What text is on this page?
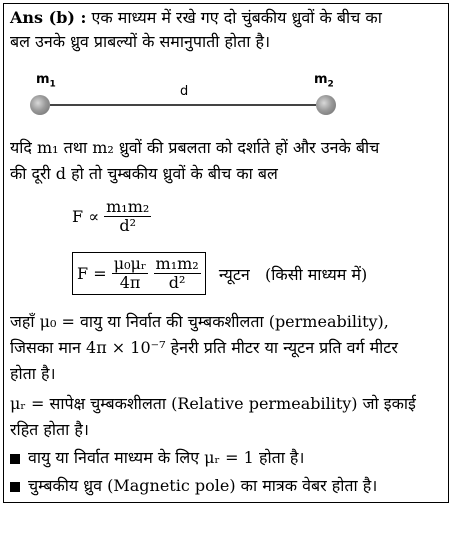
Ans (b) : एक माध्यम में रखे गए दो चुंबकीय ध्रुवों के बीच का
बल उनके ध्रुव प्राबल्यों के समानुपाती होता है।
$m_1$	d
$m_2$
यदि m₁ तथा m₂ ध्रुवों की प्रबलता को दर्शाते हों और उनके बीच
की दूरी d हो तो चुम्बकीय ध्रुवों के बीच का बल
$F \propto \frac{\text{m₁m₂}}{\text{d²}}$
$F = \frac{\text{μ₀μᵣ}}{4\pi}$
$\frac{\text{m₁m₂}}{\text{d²}}$ न्यूटन   (किसी माध्यम में)
जहाँ μ₀ = वायु या निर्वात की चुम्बकशीलता (permeability),
जिसका मान 4π × 10⁻⁷ हेनरी प्रति मीटर या न्यूटन प्रति वर्ग मीटर
होता है।
μᵣ = सापेक्ष चुम्बकशीलता (Relative permeability) जो इकाई
रहित होता है।
वायु या निर्वात माध्यम के लिए μᵣ = 1 होता है।
चुम्बकीय ध्रुव (Magnetic pole) का मात्रक वेबर होता है।
